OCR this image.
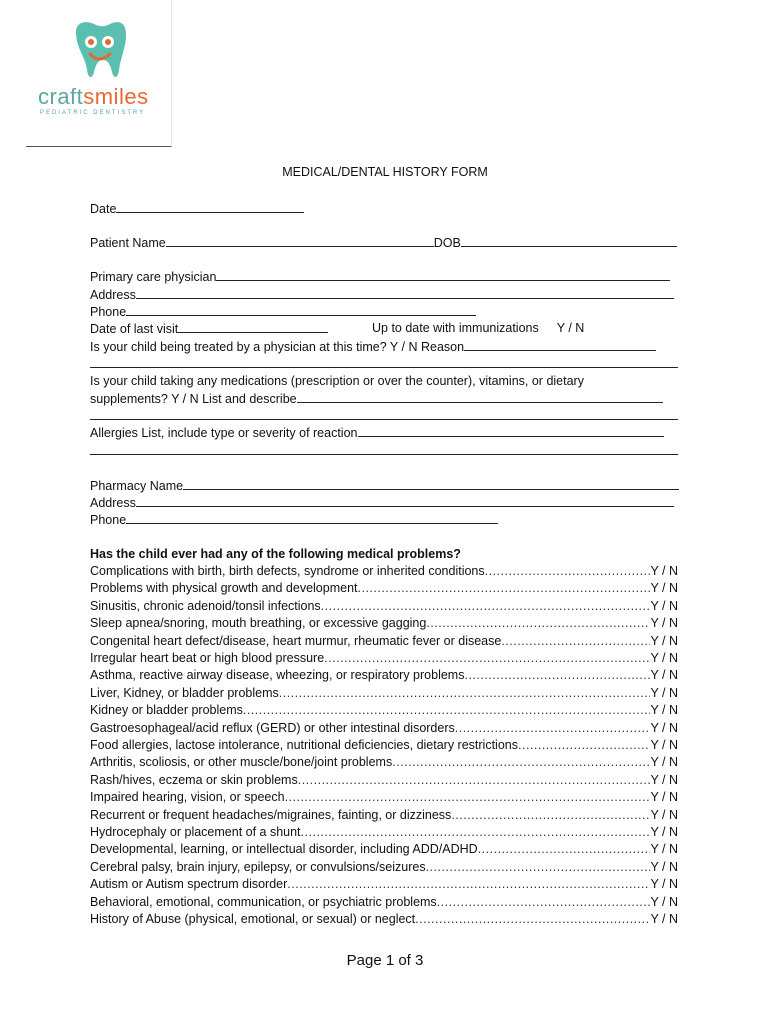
craftsmiles
PEDIATRIC DENTISTRY
MEDICAL/DENTAL HISTORY FORM
Date
Patient Name	DOB
Primary care physician
Address
Phone
Date of last visit	Up to date with immunizations Y / N
Is your child being treated by a physician at this time? Y / N Reason
Is your child taking any medications (prescription or over the counter), vitamins, or dietary
supplements? Y / N List and describe
Allergies List, include type or severity of reaction
Pharmacy Name
Address
Phone
Has the child ever had any of the following medical problems?
Complications with birth, birth defects, syndrome or inherited conditions .....	Y / N
Problems with physical growth and development .....	Y / N
Sinusitis, chronic adenoid/tonsil infections .....	Y / N
Sleep apnea/snoring, mouth breathing, or excessive gagging .....	Y / N
Congenital heart defect/disease, heart murmur, rheumatic fever or disease .....	Y / N
Irregular heart beat or high blood pressure .....	Y / N
Asthma, reactive airway disease, wheezing, or respiratory problems .....	Y / N
Liver, Kidney, or bladder problems .....	Y / N
Kidney or bladder problems .....	Y / N
Gastroesophageal/acid reflux (GERD) or other intestinal disorders .....	Y / N
Food allergies, lactose intolerance, nutritional deficiencies, dietary restrictions .....	Y / N
Arthritis, scoliosis, or other muscle/bone/joint problems .....	Y / N
Rash/hives, eczema or skin problems .....	Y / N
Impaired hearing, vision, or speech .....	Y / N
Recurrent or frequent headaches/migraines, fainting, or dizziness .....	Y / N
Hydrocephaly or placement of a shunt .....	Y / N
Developmental, learning, or intellectual disorder, including ADD/ADHD .....	Y / N
Cerebral palsy, brain injury, epilepsy, or convulsions/seizures .....	Y / N
Autism or Autism spectrum disorder .....	Y / N
Behavioral, emotional, communication, or psychiatric problems .....	Y / N
History of Abuse (physical, emotional, or sexual) or neglect .....	Y / N
Page 1 of 3
